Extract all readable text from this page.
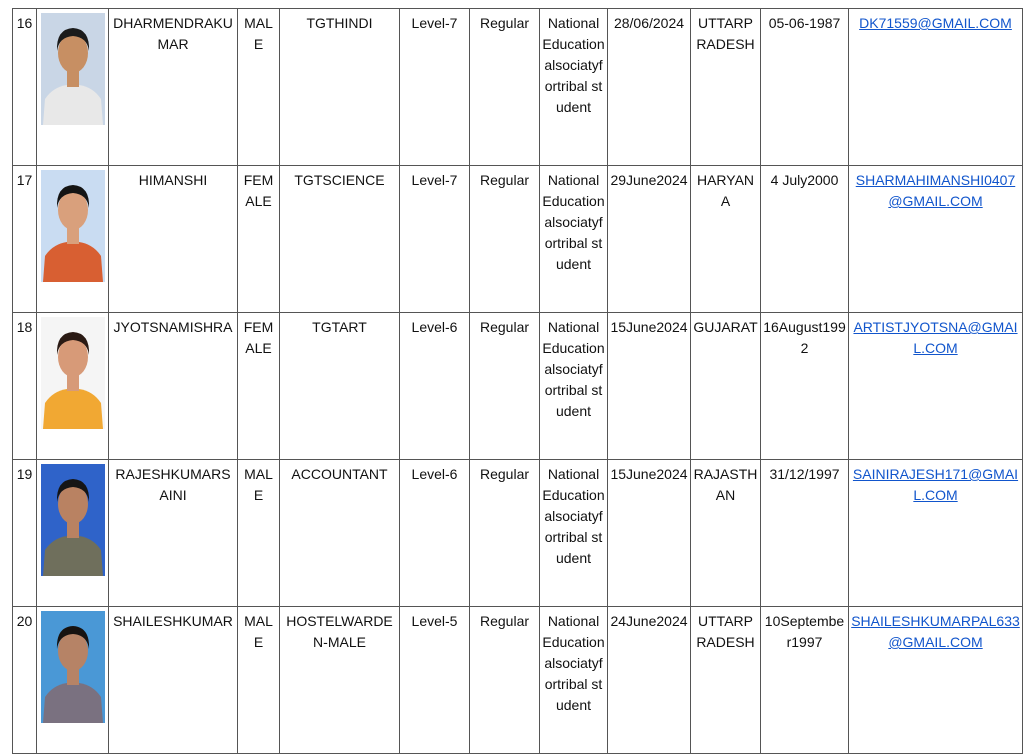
16		DHARMENDRAKUMAR	MALE	TGTHINDI	Level-7	Regular	National Educationalsociatyfortribal student	28/06/2024	UTTARPRADESH	05-06-1987	DK71559@GMAIL.COM
17		HIMANSHI	FEMALE	TGTSCIENCE	Level-7	Regular	National Educationalsociatyfortribal student	29June2024	HARYANA	4 July2000	SHARMAHIMANSHI0407@GMAIL.COM
18		JYOTSNAMISHRA	FEMALE	TGTART	Level-6	Regular	National Educationalsociatyfortribal student	15June2024	GUJARAT	16August1992	ARTISTJYOTSNA@GMAIL.COM
19		RAJESHKUMARSAINI	MALE	ACCOUNTANT	Level-6	Regular	National Educationalsociatyfortribal student	15June2024	RAJASTHAN	31/12/1997	SAINIRAJESH171@GMAIL.COM
20		SHAILESHKUMAR	MALE	HOSTELWARDEN-MALE	Level-5	Regular	National Educationalsociatyfortribal student	24June2024	UTTARPRADESH	10September1997	SHAILESHKUMARPAL633@GMAIL.COM
